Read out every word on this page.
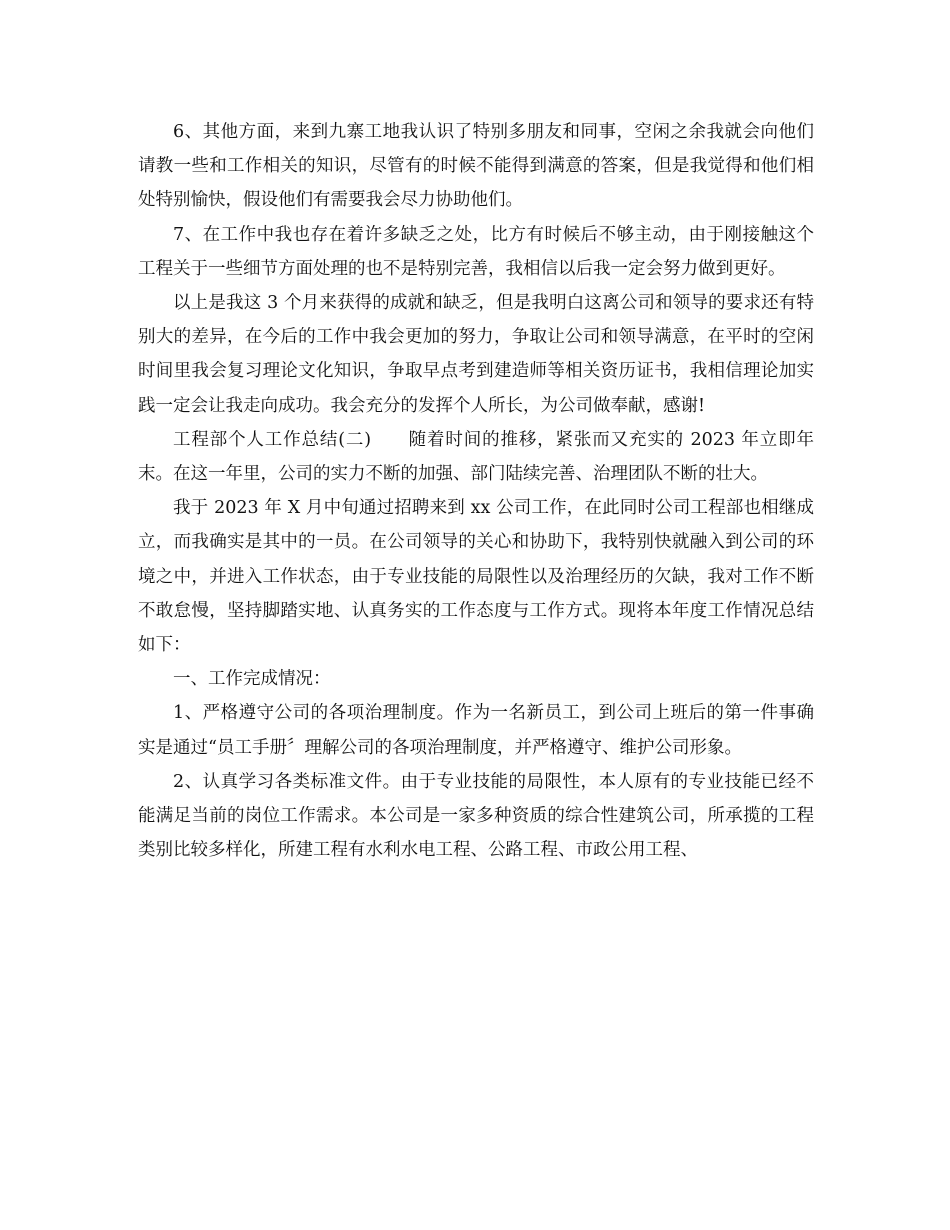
6、其他方面，来到九寨工地我认识了特别多朋友和同事，空闲之余我就会向他们请教一些和工作相关的知识，尽管有的时候不能得到满意的答案，但是我觉得和他们相处特别愉快，假设他们有需要我会尽力协助他们。

7、在工作中我也存在着许多缺乏之处，比方有时候后不够主动，由于刚接触这个工程关于一些细节方面处理的也不是特别完善，我相信以后我一定会努力做到更好。

以上是我这 3 个月来获得的成就和缺乏，但是我明白这离公司和领导的要求还有特别大的差异，在今后的工作中我会更加的努力，争取让公司和领导满意，在平时的空闲时间里我会复习理论文化知识，争取早点考到建造师等相关资历证书，我相信理论加实践一定会让我走向成功。我会充分的发挥个人所长，为公司做奉献，感谢!

工程部个人工作总结(二)　　随着时间的推移，紧张而又充实的 2023 年立即年末。在这一年里，公司的实力不断的加强、部门陆续完善、治理团队不断的壮大。

我于 2023 年 X 月中旬通过招聘来到 xx 公司工作，在此同时公司工程部也相继成立，而我确实是其中的一员。在公司领导的关心和协助下，我特别快就融入到公司的环境之中，并进入工作状态，由于专业技能的局限性以及治理经历的欠缺，我对工作不断不敢怠慢，坚持脚踏实地、认真务实的工作态度与工作方式。现将本年度工作情况总结如下：

一、工作完成情况：

1、严格遵守公司的各项治理制度。作为一名新员工，到公司上班后的第一件事确实是通过“员工手册〞理解公司的各项治理制度，并严格遵守、维护公司形象。

2、认真学习各类标准文件。由于专业技能的局限性，本人原有的专业技能已经不能满足当前的岗位工作需求。本公司是一家多种资质的综合性建筑公司，所承揽的工程类别比较多样化，所建工程有水利水电工程、公路工程、市政公用工程、
